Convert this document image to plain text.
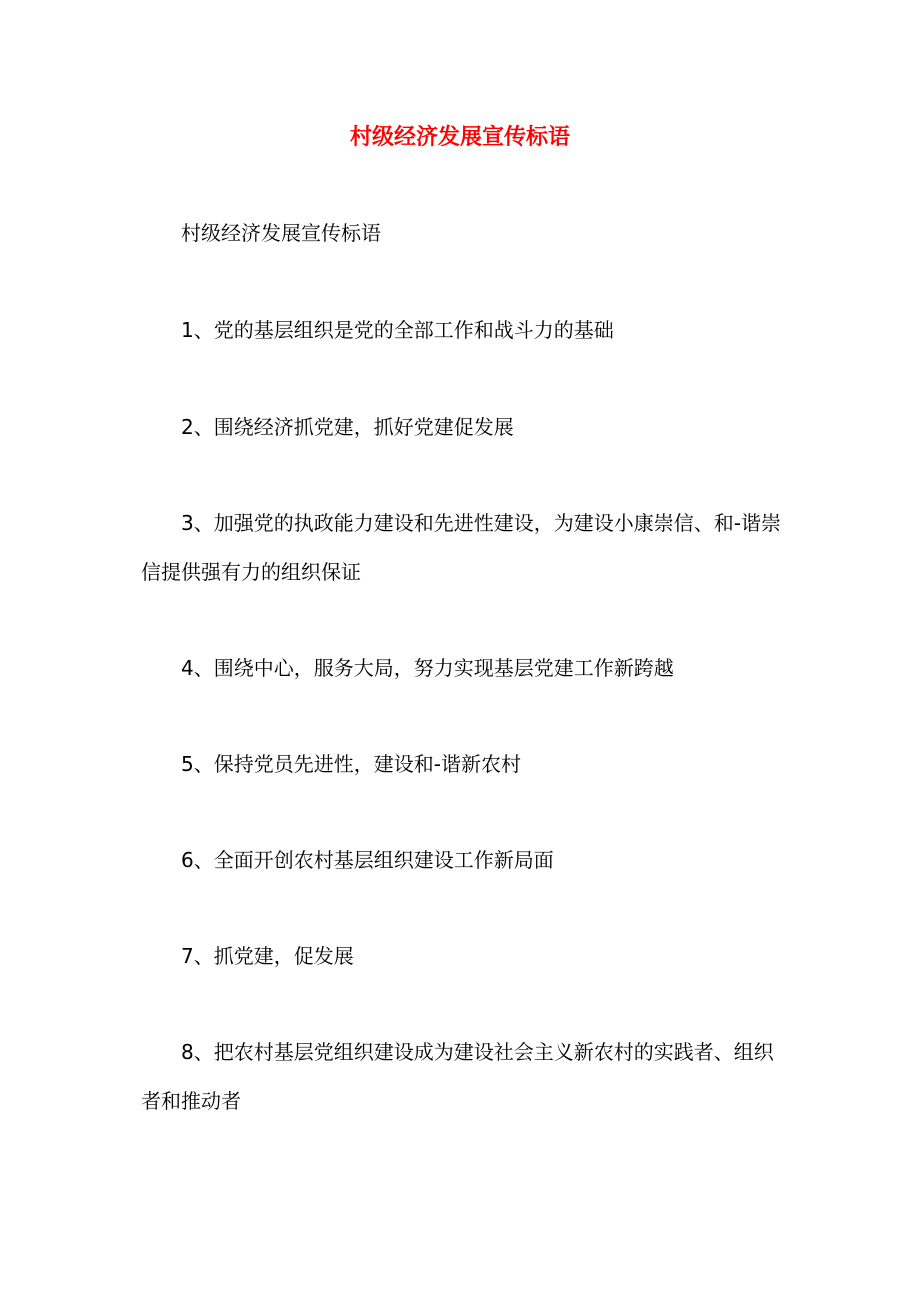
村级经济发展宣传标语

村级经济发展宣传标语

1、党的基层组织是党的全部工作和战斗力的基础

2、围绕经济抓党建，抓好党建促发展

3、加强党的执政能力建设和先进性建设，为建设小康崇信、和-谐崇信提供强有力的组织保证

4、围绕中心，服务大局，努力实现基层党建工作新跨越

5、保持党员先进性，建设和-谐新农村

6、全面开创农村基层组织建设工作新局面

7、抓党建，促发展

8、把农村基层党组织建设成为建设社会主义新农村的实践者、组织者和推动者
